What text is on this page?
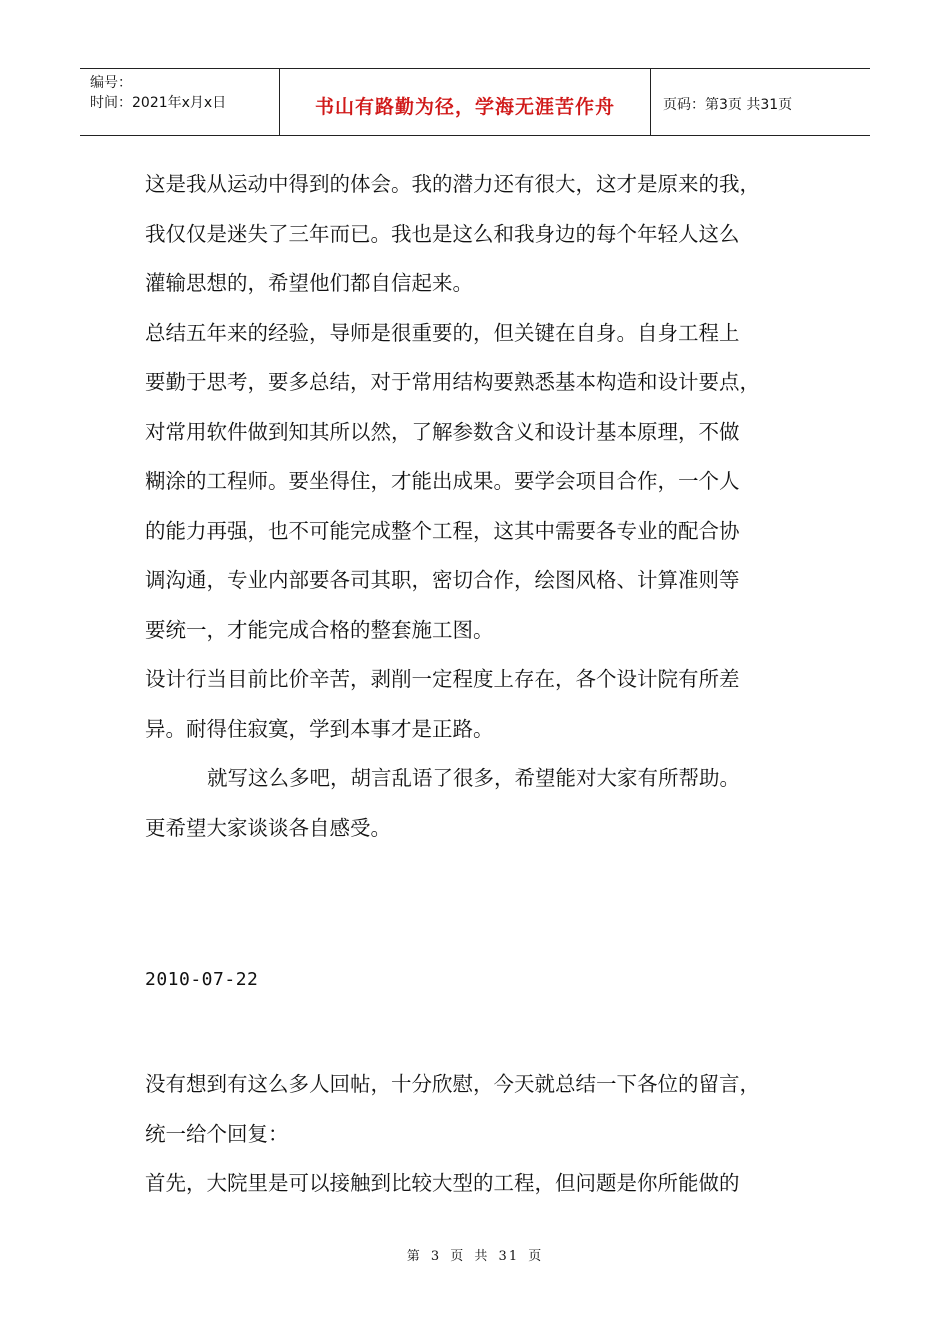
编号：
时间：2021年x月x日	书山有路勤为径，学海无涯苦作舟	页码：第3页 共31页
这是我从运动中得到的体会。我的潜力还有很大，这才是原来的我，
我仅仅是迷失了三年而已。我也是这么和我身边的每个年轻人这么
灌输思想的，希望他们都自信起来。
总结五年来的经验，导师是很重要的，但关键在自身。自身工程上
要勤于思考，要多总结，对于常用结构要熟悉基本构造和设计要点，
对常用软件做到知其所以然，了解参数含义和设计基本原理，不做
糊涂的工程师。要坐得住，才能出成果。要学会项目合作，一个人
的能力再强，也不可能完成整个工程，这其中需要各专业的配合协
调沟通，专业内部要各司其职，密切合作，绘图风格、计算准则等
要统一，才能完成合格的整套施工图。
设计行当目前比价辛苦，剥削一定程度上存在，各个设计院有所差
异。耐得住寂寞，学到本事才是正路。
就写这么多吧，胡言乱语了很多，希望能对大家有所帮助。
更希望大家谈谈各自感受。
2010-07-22
没有想到有这么多人回帖，十分欣慰，今天就总结一下各位的留言，
统一给个回复：
首先，大院里是可以接触到比较大型的工程，但问题是你所能做的
第 3 页 共 31 页
